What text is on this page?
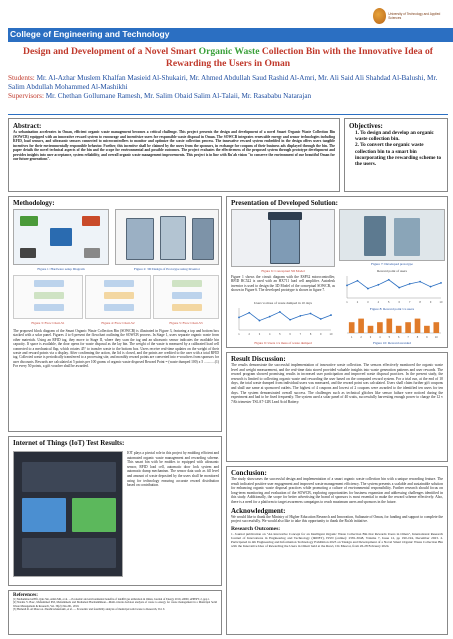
University of Technology and Applied Sciences
College of Engineering and Technology
Design and Development of a Novel Smart Organic Waste Collection Bin with the Innovative Idea of Rewarding the Users in Oman
Students: Mr. Al-Azhar Muslem Khalfan Masieid Al-Shukairi, Mr. Ahmed Abdullah Saud Rashid Al-Amri, Mr. Ali Said Ali Shahdad Al-Balushi, Mr. Salim Abdullah Mohammed Al-Mashikhi
Supervisors: Mr. Chethan Gollumane Ramesh, Mr. Salim Obaid Salim Al-Talaii, Mr. Rasababu Natarajan
Abstract:
As urbanization accelerates in Oman, efficient organic waste management becomes a critical challenge. This project presents the design and development of a novel Smart Organic Waste Collection Bin (SOWCB) equipped with an innovative reward system to encourage and incentivize users for responsible waste disposal in Oman. The SOWCB integrates renewable energy and sensor technologies including RFID, load sensors, and ultrasonic sensors connected to microcontrollers to monitor and optimize the waste collection process. The innovative reward system embedded in the design offers users tangible incentives for their environmentally responsible behavior. Further, this incentive shall be claimed by the users from the sponsors, in exchange for coupons of their business ads displayed through the bin. The paper details the novel technical aspects of the bin and the scope for environmental and possible outcomes. The project evaluates the effectiveness of the proposed system through prototype development and provides insights into user acceptance, system reliability, and overall organic waste management improvements. This project is in line with Ru'ah vision "to conserve the environment of our beautiful Oman for our future generations".
Objectives:
1. To design and develop an organic waste collection bin.
2. To convert the organic waste collection bin to a smart bin incorporating the rewarding scheme to the users.
Methodology:
Figure 1: Hardware setup Diagram	Figure 2: 3D Design of Prototype using Inventor
Figure 3: Flow Chart-S1	Figure 4: Flow Chart-S2	Figure 5: Flow Chart-S3
The proposed block diagram of the Smart Organic Waste Collection Bin (SOWCB) is illustrated in Figure 3, featuring a top and bottom box stacked with a solar panel. Figures 4 to 6 present the flowchart outlining the SOWCB process. In Stage 1, users separate organic waste from other materials. Using an RFID tag, they move to Stage II, where they scan the tag and an ultrasonic sensor indicates the available bin capacity. If space is available, the door opens for waste disposal as the lay bin. The weight of the waste is measured by a calibrated load cell connected to a mechanical flap, which rotates 45° to transfer waste to the bottom box. Users receive real-time updates on the weight of their waste and reward points via a display. After confirming the action, the lid is closed, and the points are credited to the user with a total RFID tag. Collected waste is periodically transferred to a processing site, and monthly reward points are converted into e-vouchers from sponsors for user discounts. Rewards are calculated at 5 points per 100 grams of organic waste disposed Reward Point = (waste dumped 100) x 5 ............(1) For every 50 points, a gift voucher shall be awarded.
Internet of Things (IoT) Test Results:
IOT plays a pivotal role in this project by enabling efficient and automated organic waste management and rewarding scheme. This smart bin with be enables to equipped with ultrasonic sensor, RFID load cell, automatic door lock system and automatic dump mechanism. The sensor data such as fill level and amount of waste deposited by the users shall be monitored using for technology ensuring accurate reward distribution based on contribution.
References:
[1] Mohammed AlFifi, Qais Sin, Amin Mti, et al. —Economic and environmental benefits of landfill gas utilization in Oman, Journal of Energy 2019, e0000, ePPPPT, 2, ppp1.
[2] Natalia V. Basc, Mohammed PM, Mohammeds and Mohamed Harshamhhean—Multi-criteria decision analysis of waste to energy for waste management in a Municipal Solid Waste Management & Research, Vol. 36(2) 194-201, 2019.
[3] Hamzah R. Al Mawa A. Zheshi/Abakuvakb, et al. — Economic and feasibility analysis of municipal solid waste to Research, Vol. 6
Presentation of Developed Solution:
Figure 6: Conceptual 3D Model
Figure 1 shows the circuit diagram with the ESP32 microcontroller, RFID RC522 is used with an HX711 load cell amplifier. Autodesk inventor is used to design the 3D Model of the conceptual SOWCB, as shown in Figure 6. The developed prototype is shown in figure 7.
Figure 7: Developed prototype
Reward point of users
1	2	3	4	5	6	7	8	9	10
Figure 8: Reward point v/s users
Users vs mass of waste dumped in 10 days
1	2	3	4	5	6	7	8	9	10
Figure 9: Users v/s mass of waste dumped
1	2	3	4	5	6	7	8	9	10
Figure 10: Reward awarded
Result Discussion:
The results demonstrate the successful implementation of innovative waste collection. The sensors effectively monitored the organic waste level and weight measurement, and the real-time data stored provided valuable insights into waste generation patterns and user rewards. The reward program showed promising results in increased user participation and improved waste disposal practices. In the present study, the research is limited to collecting organic waste and rewarding the user based on the computed reward system. For a trial run, at the end of 10 days, the total waste dumped from individual users was measured, and the reward point was calculated. Users shall claim further gift coupons and shall use same at sponsored outlets. The highest of 4 coupons and lowest of 2 coupons were awarded to the identified ten users for ten days. The system demonstrated overall success. The challenges such as technical glitches like sensor failure were noticed during the experiment and had to be fixed frequently. The system used a solar panel of 40 watts, successfully harvesting enough power to charge the 12 v 7Ah trimester TSLA7-12B Lead Acid Battery.
Conclusion:
The study showcases the successful design and implementation of a smart organic waste collection bin with a unique rewarding feature. The result indicated positive user engagement and improved waste management efficiency. The system presents a scalable and sustainable solution for enhancing organic waste disposal practices while promoting a culture of environmental responsibility. Further research should focus on long-term monitoring and evaluation of the SOWCB, exploring opportunities for business expansion and addressing challenges identified in this study. Additionally, the scope for better advertising the brand of sponsors is most essential to make the reward scheme effectively. Also, there is a need for a platform to target awareness campaigns to reach maximum users and sponsors in the future.
Acknowledgment:
We would like to thank the Ministry of Higher Education Research and Innovation, Sultanate of Oman, for funding and support to complete the project successfully. We would also like to take this opportunity to thank the Ru'ah initiative.
Research Outcomes:
1. Journal publication on "An innovative Concept for an Intelligent Organic Waste Collection Bin that Rewards Users in Oman", International Research Journal of Innovations in Engineering and Technology (IRJIET), ISSN (online): 2581-3048, Volume 7, Issue 12, pp 190-194, December 2023. 2. Participated in 4th Engineering and Information Technology Exhibition 2023 on 'Design and Development of a Novel Smart Organic Waste Collection Bin with the Innovative Idea of Rewarding the Users in Oman' held at the Ruwi, CK Muscat, from 26-28 February 2024.
